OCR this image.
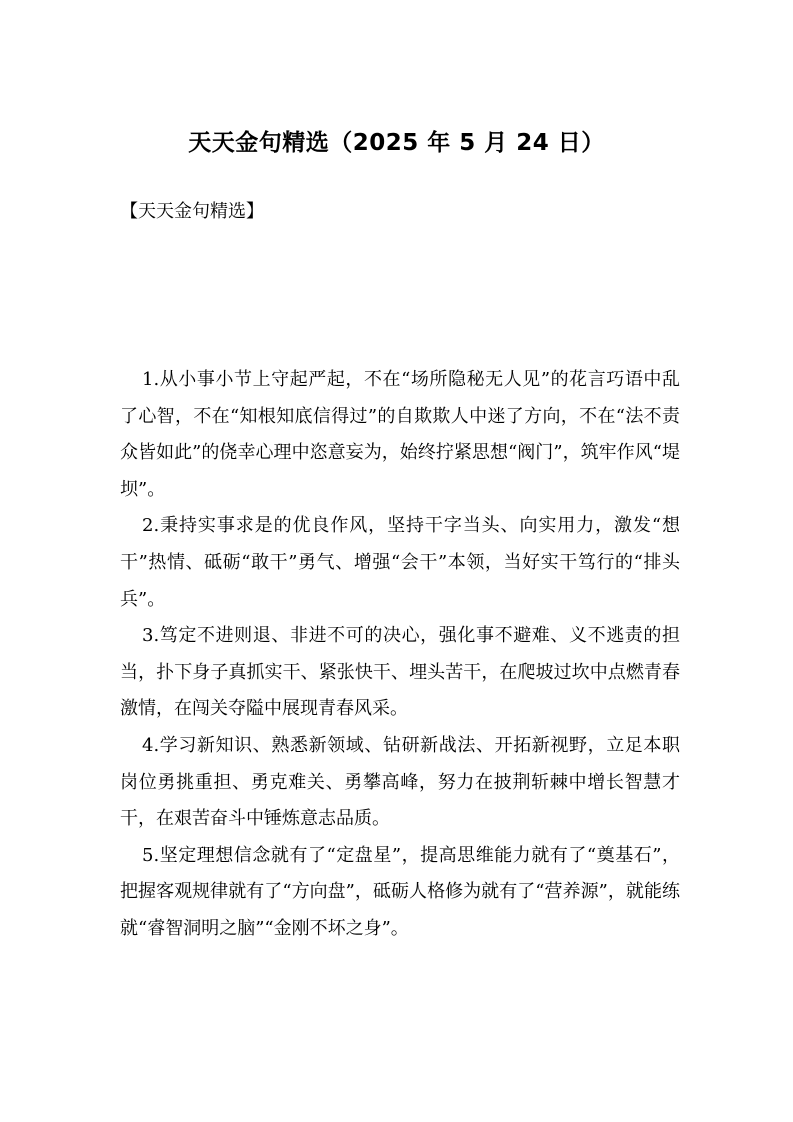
天天金句精选（2025 年 5 月 24 日）
【天天金句精选】

1.从小事小节上守起严起，不在“场所隐秘无人见”的花言巧语中乱了心智，不在“知根知底信得过”的自欺欺人中迷了方向，不在“法不责众皆如此”的侥幸心理中恣意妄为，始终拧紧思想“阀门”，筑牢作风“堤坝”。

2.秉持实事求是的优良作风，坚持干字当头、向实用力，激发“想干”热情、砥砺“敢干”勇气、增强“会干”本领，当好实干笃行的“排头兵”。

3.笃定不进则退、非进不可的决心，强化事不避难、义不逃责的担当，扑下身子真抓实干、紧张快干、埋头苦干，在爬坡过坎中点燃青春激情，在闯关夺隘中展现青春风采。

4.学习新知识、熟悉新领域、钻研新战法、开拓新视野，立足本职岗位勇挑重担、勇克难关、勇攀高峰，努力在披荆斩棘中增长智慧才干，在艰苦奋斗中锤炼意志品质。

5.坚定理想信念就有了“定盘星”，提高思维能力就有了“奠基石”，把握客观规律就有了“方向盘”，砥砺人格修为就有了“营养源”，就能练就“睿智洞明之脑”“金刚不坏之身”。
